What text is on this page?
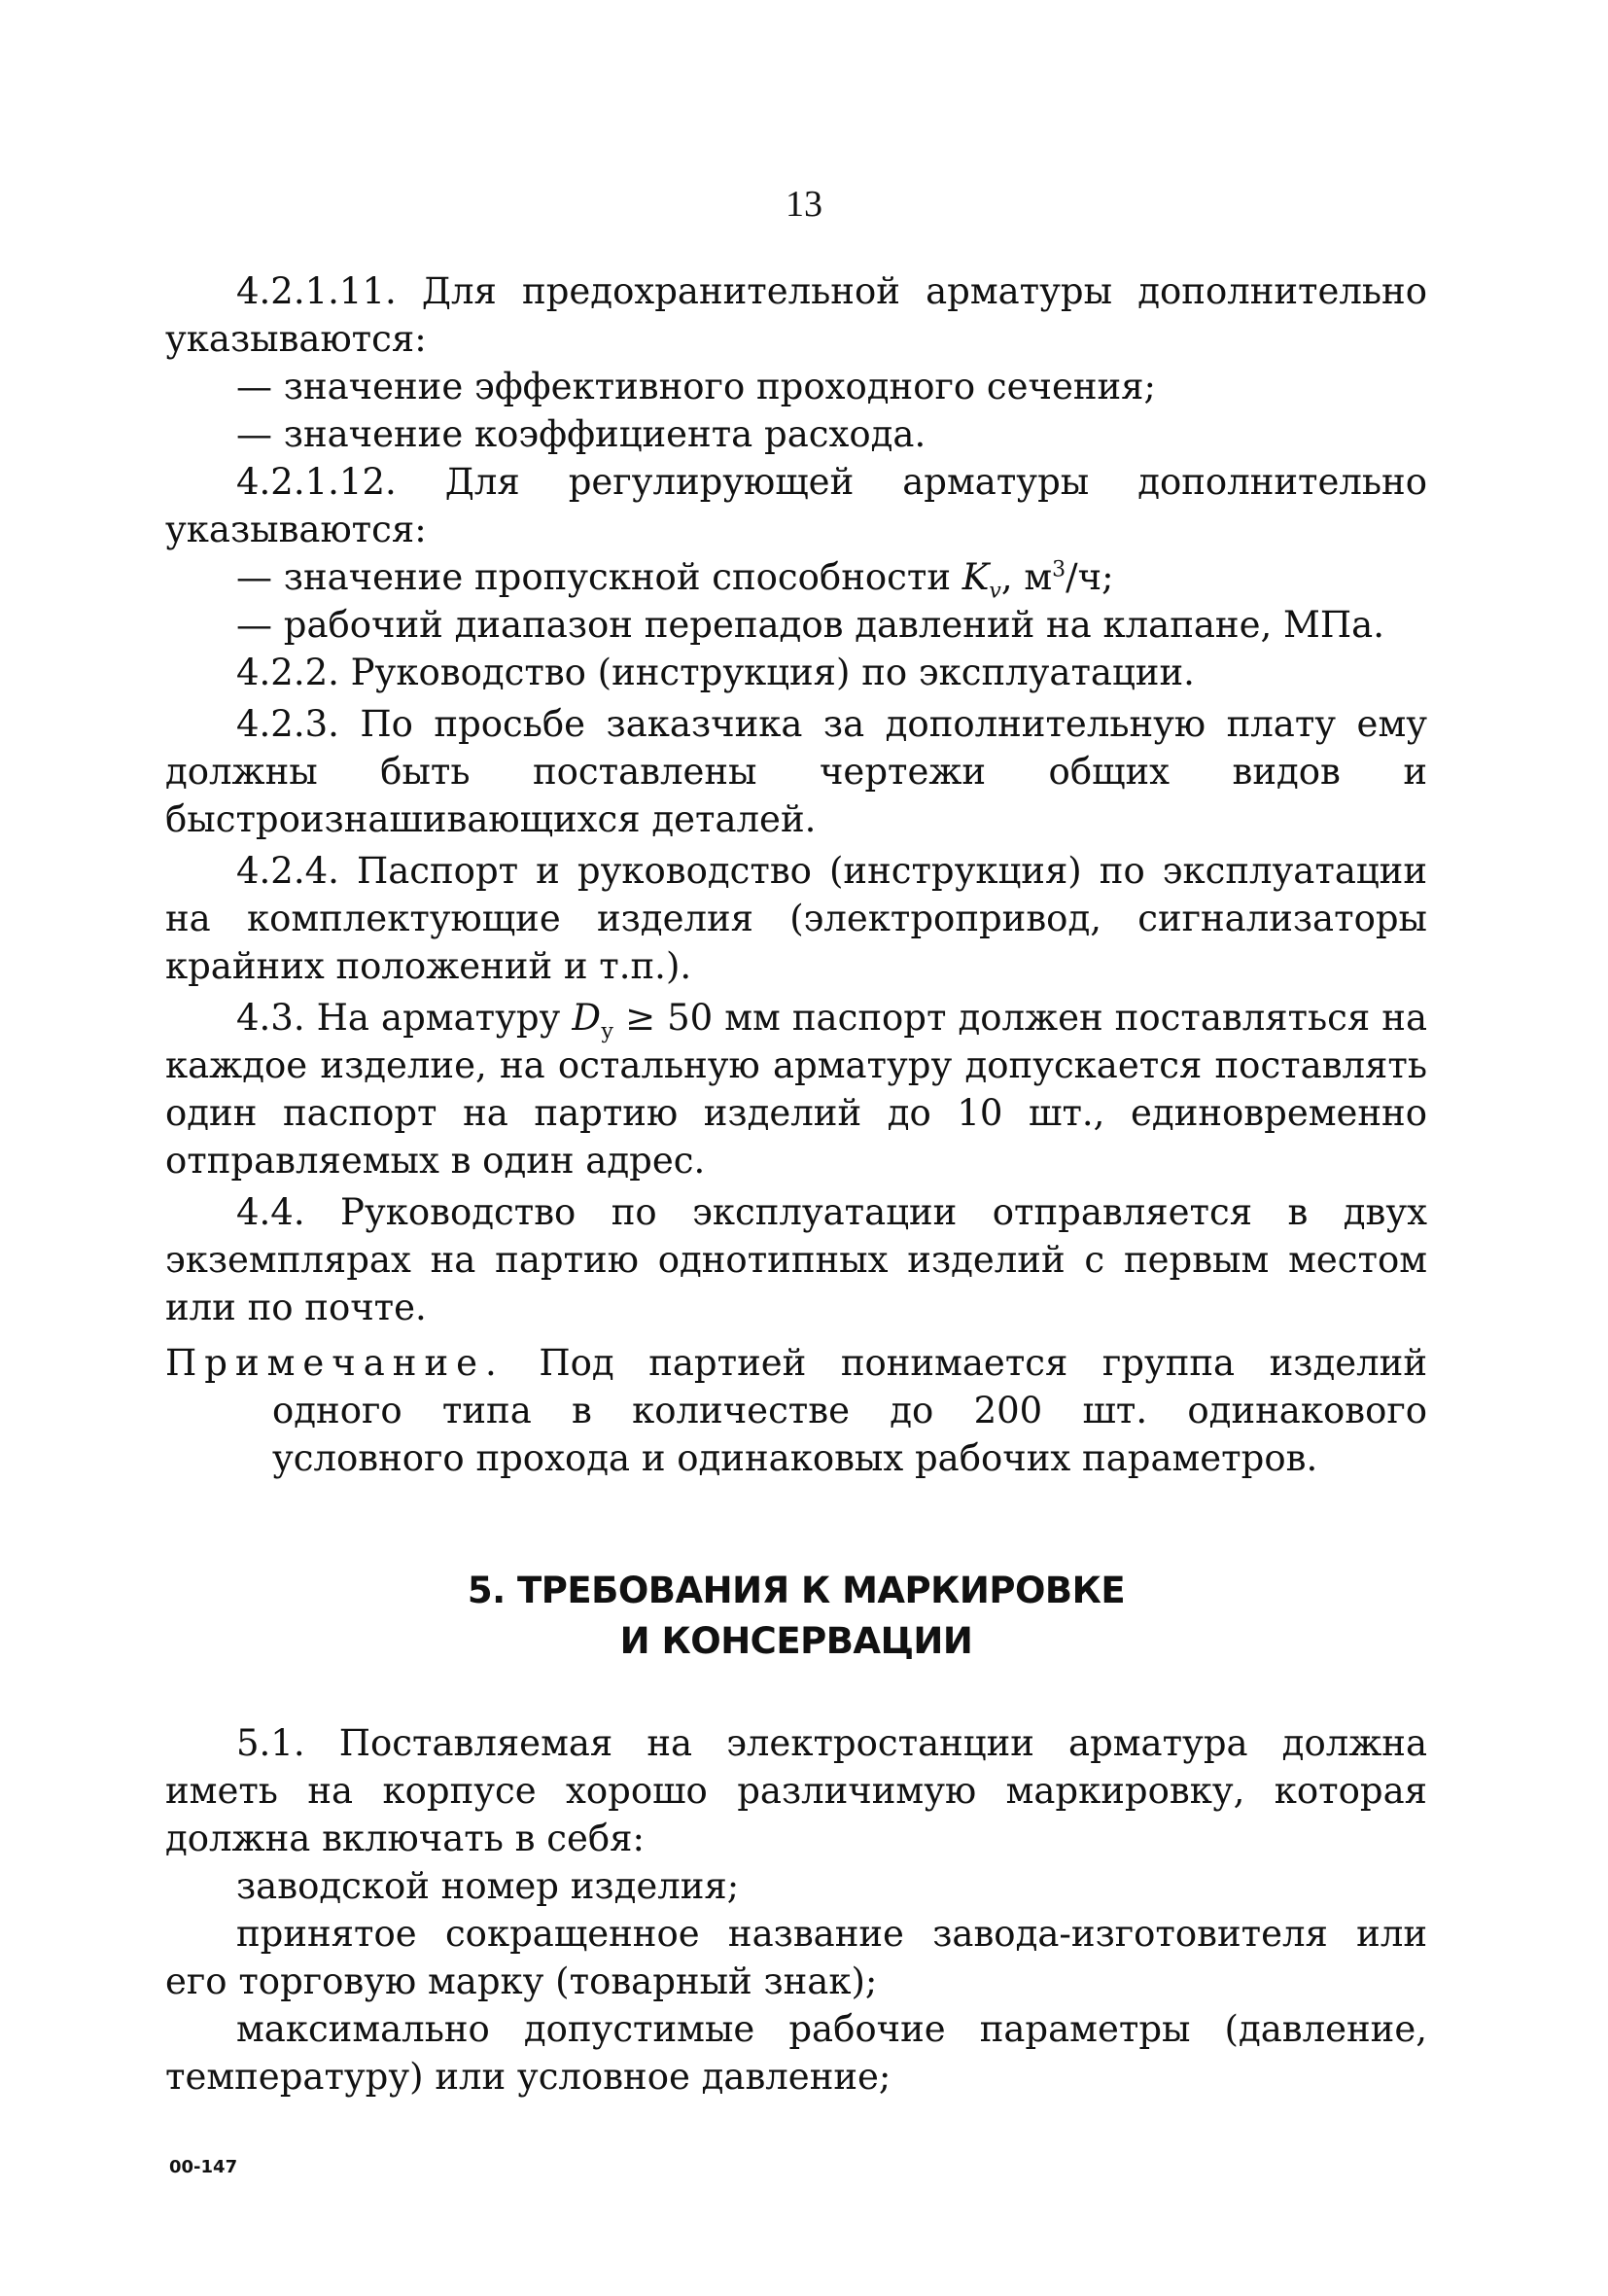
13

4.2.1.11. Для предохранительной арматуры дополнительно указываются:

— значение эффективного проходного сечения;

— значение коэффициента расхода.

4.2.1.12. Для регулирующей арматуры дополнительно указываются:

— значение пропускной способности $K_v$, $м^3/ч$;

— рабочий диапазон перепадов давлений на клапане, МПа.

4.2.2. Руководство (инструкция) по эксплуатации.

4.2.3. По просьбе заказчика за дополнительную плату ему должны быть поставлены чертежи общих видов и быстроизнашивающихся деталей.

4.2.4. Паспорт и руководство (инструкция) по эксплуатации на комплектующие изделия (электропривод, сигнализаторы крайних положений и т.п.).

4.3. На арматуру $D_у \ge 50$ мм паспорт должен поставляться на каждое изделие, на остальную арматуру допускается поставлять один паспорт на партию изделий до 10 шт., единовременно отправляемых в один адрес.

4.4. Руководство по эксплуатации отправляется в двух экземплярах на партию однотипных изделий с первым местом или по почте.

Примечание. Под партией понимается группа изделий одного типа в количестве до 200 шт. одинакового условного прохода и одинаковых рабочих параметров.

5. ТРЕБОВАНИЯ К МАРКИРОВКЕ
И КОНСЕРВАЦИИ

5.1. Поставляемая на электростанции арматура должна иметь на корпусе хорошо различимую маркировку, которая должна включать в себя:

заводской номер изделия;

принятое сокращенное название завода-изготовителя или его торговую марку (товарный знак);

максимально допустимые рабочие параметры (давление, температуру) или условное давление;

00-147
